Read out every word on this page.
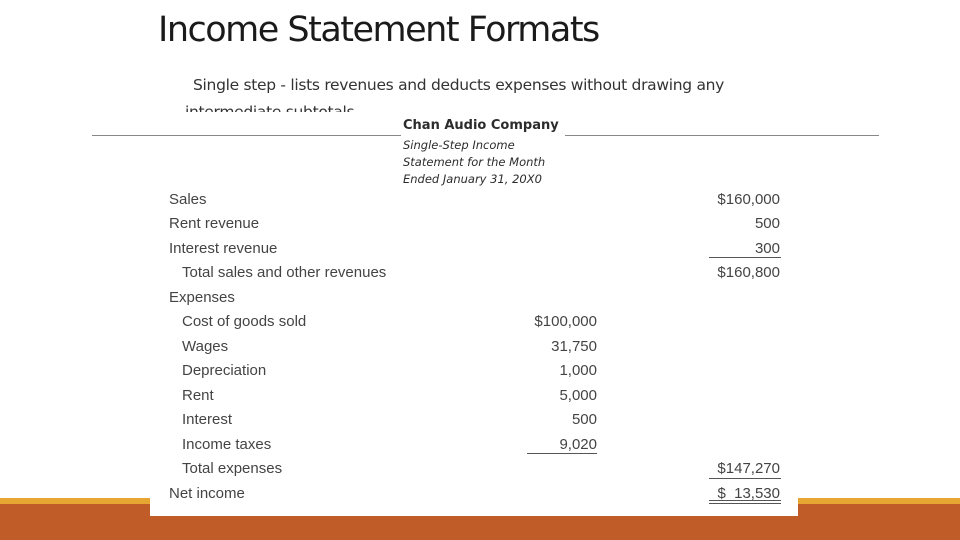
Income Statement Formats
Single step - lists revenues and deducts expenses without drawing any

Chan Audio Company
Single-Step Income
Statement for the Month
Ended January 31, 20X0
Sales	$160,000
Rent revenue	500
Interest revenue	300
Total sales and other revenues	$160,800
Expenses
Cost of goods sold	$100,000
Wages	31,750
Depreciation	1,000
Rent	5,000
Interest	500
Income taxes	9,020
Total expenses	$147,270
Net income	$  13,530
